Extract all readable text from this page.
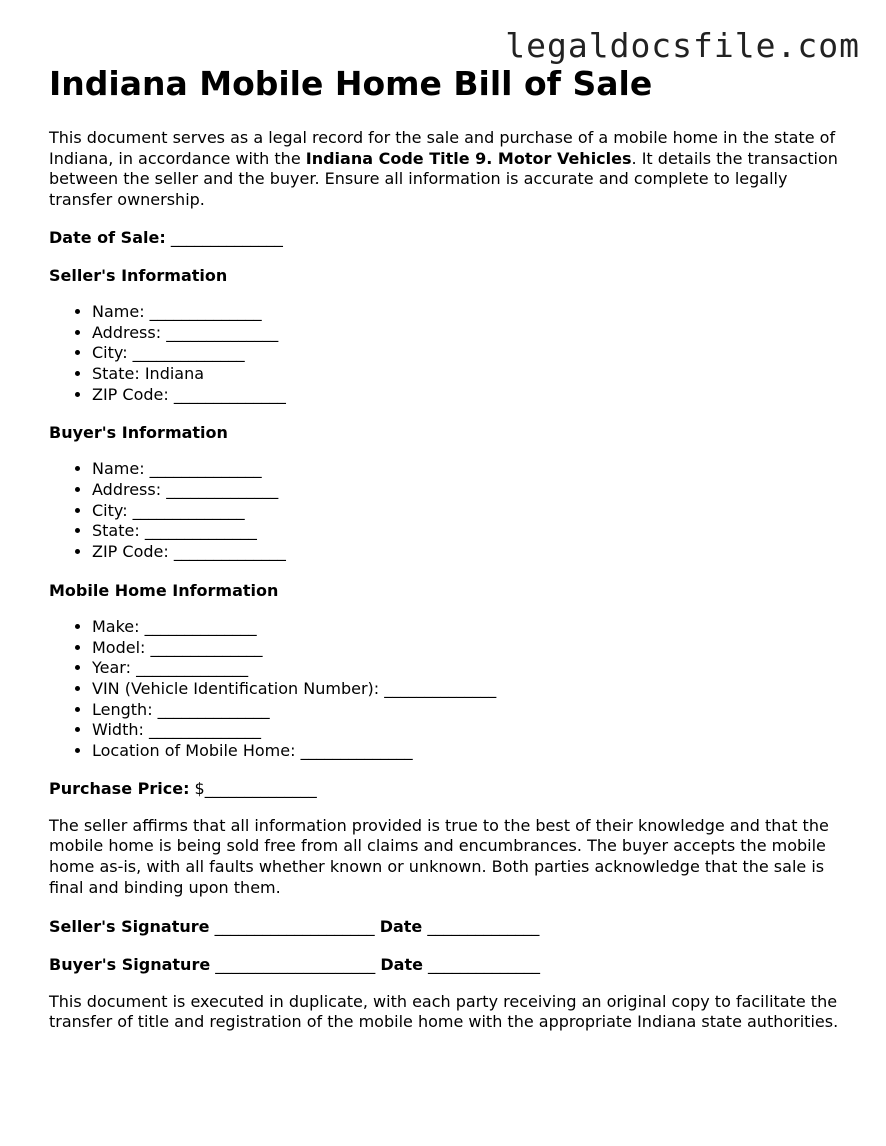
legaldocsfile.com
Indiana Mobile Home Bill of Sale

This document serves as a legal record for the sale and purchase of a mobile home in the state of Indiana, in accordance with the Indiana Code Title 9. Motor Vehicles. It details the transaction between the seller and the buyer. Ensure all information is accurate and complete to legally transfer ownership.

Date of Sale: ______________

Seller's Information
• Name: ______________
• Address: ______________
• City: ______________
• State: Indiana
• ZIP Code: ______________
Buyer's Information
• Name: ______________
• Address: ______________
• City: ______________
• State: ______________
• ZIP Code: ______________
Mobile Home Information
• Make: ______________
• Model: ______________
• Year: ______________
• VIN (Vehicle Identification Number): ______________
• Length: ______________
• Width: ______________
• Location of Mobile Home: ______________

Purchase Price: $______________

The seller affirms that all information provided is true to the best of their knowledge and that the mobile home is being sold free from all claims and encumbrances. The buyer accepts the mobile home as-is, with all faults whether known or unknown. Both parties acknowledge that the sale is final and binding upon them.

Seller's Signature ____________________ Date ______________

Buyer's Signature ____________________ Date ______________

This document is executed in duplicate, with each party receiving an original copy to facilitate the transfer of title and registration of the mobile home with the appropriate Indiana state authorities.
